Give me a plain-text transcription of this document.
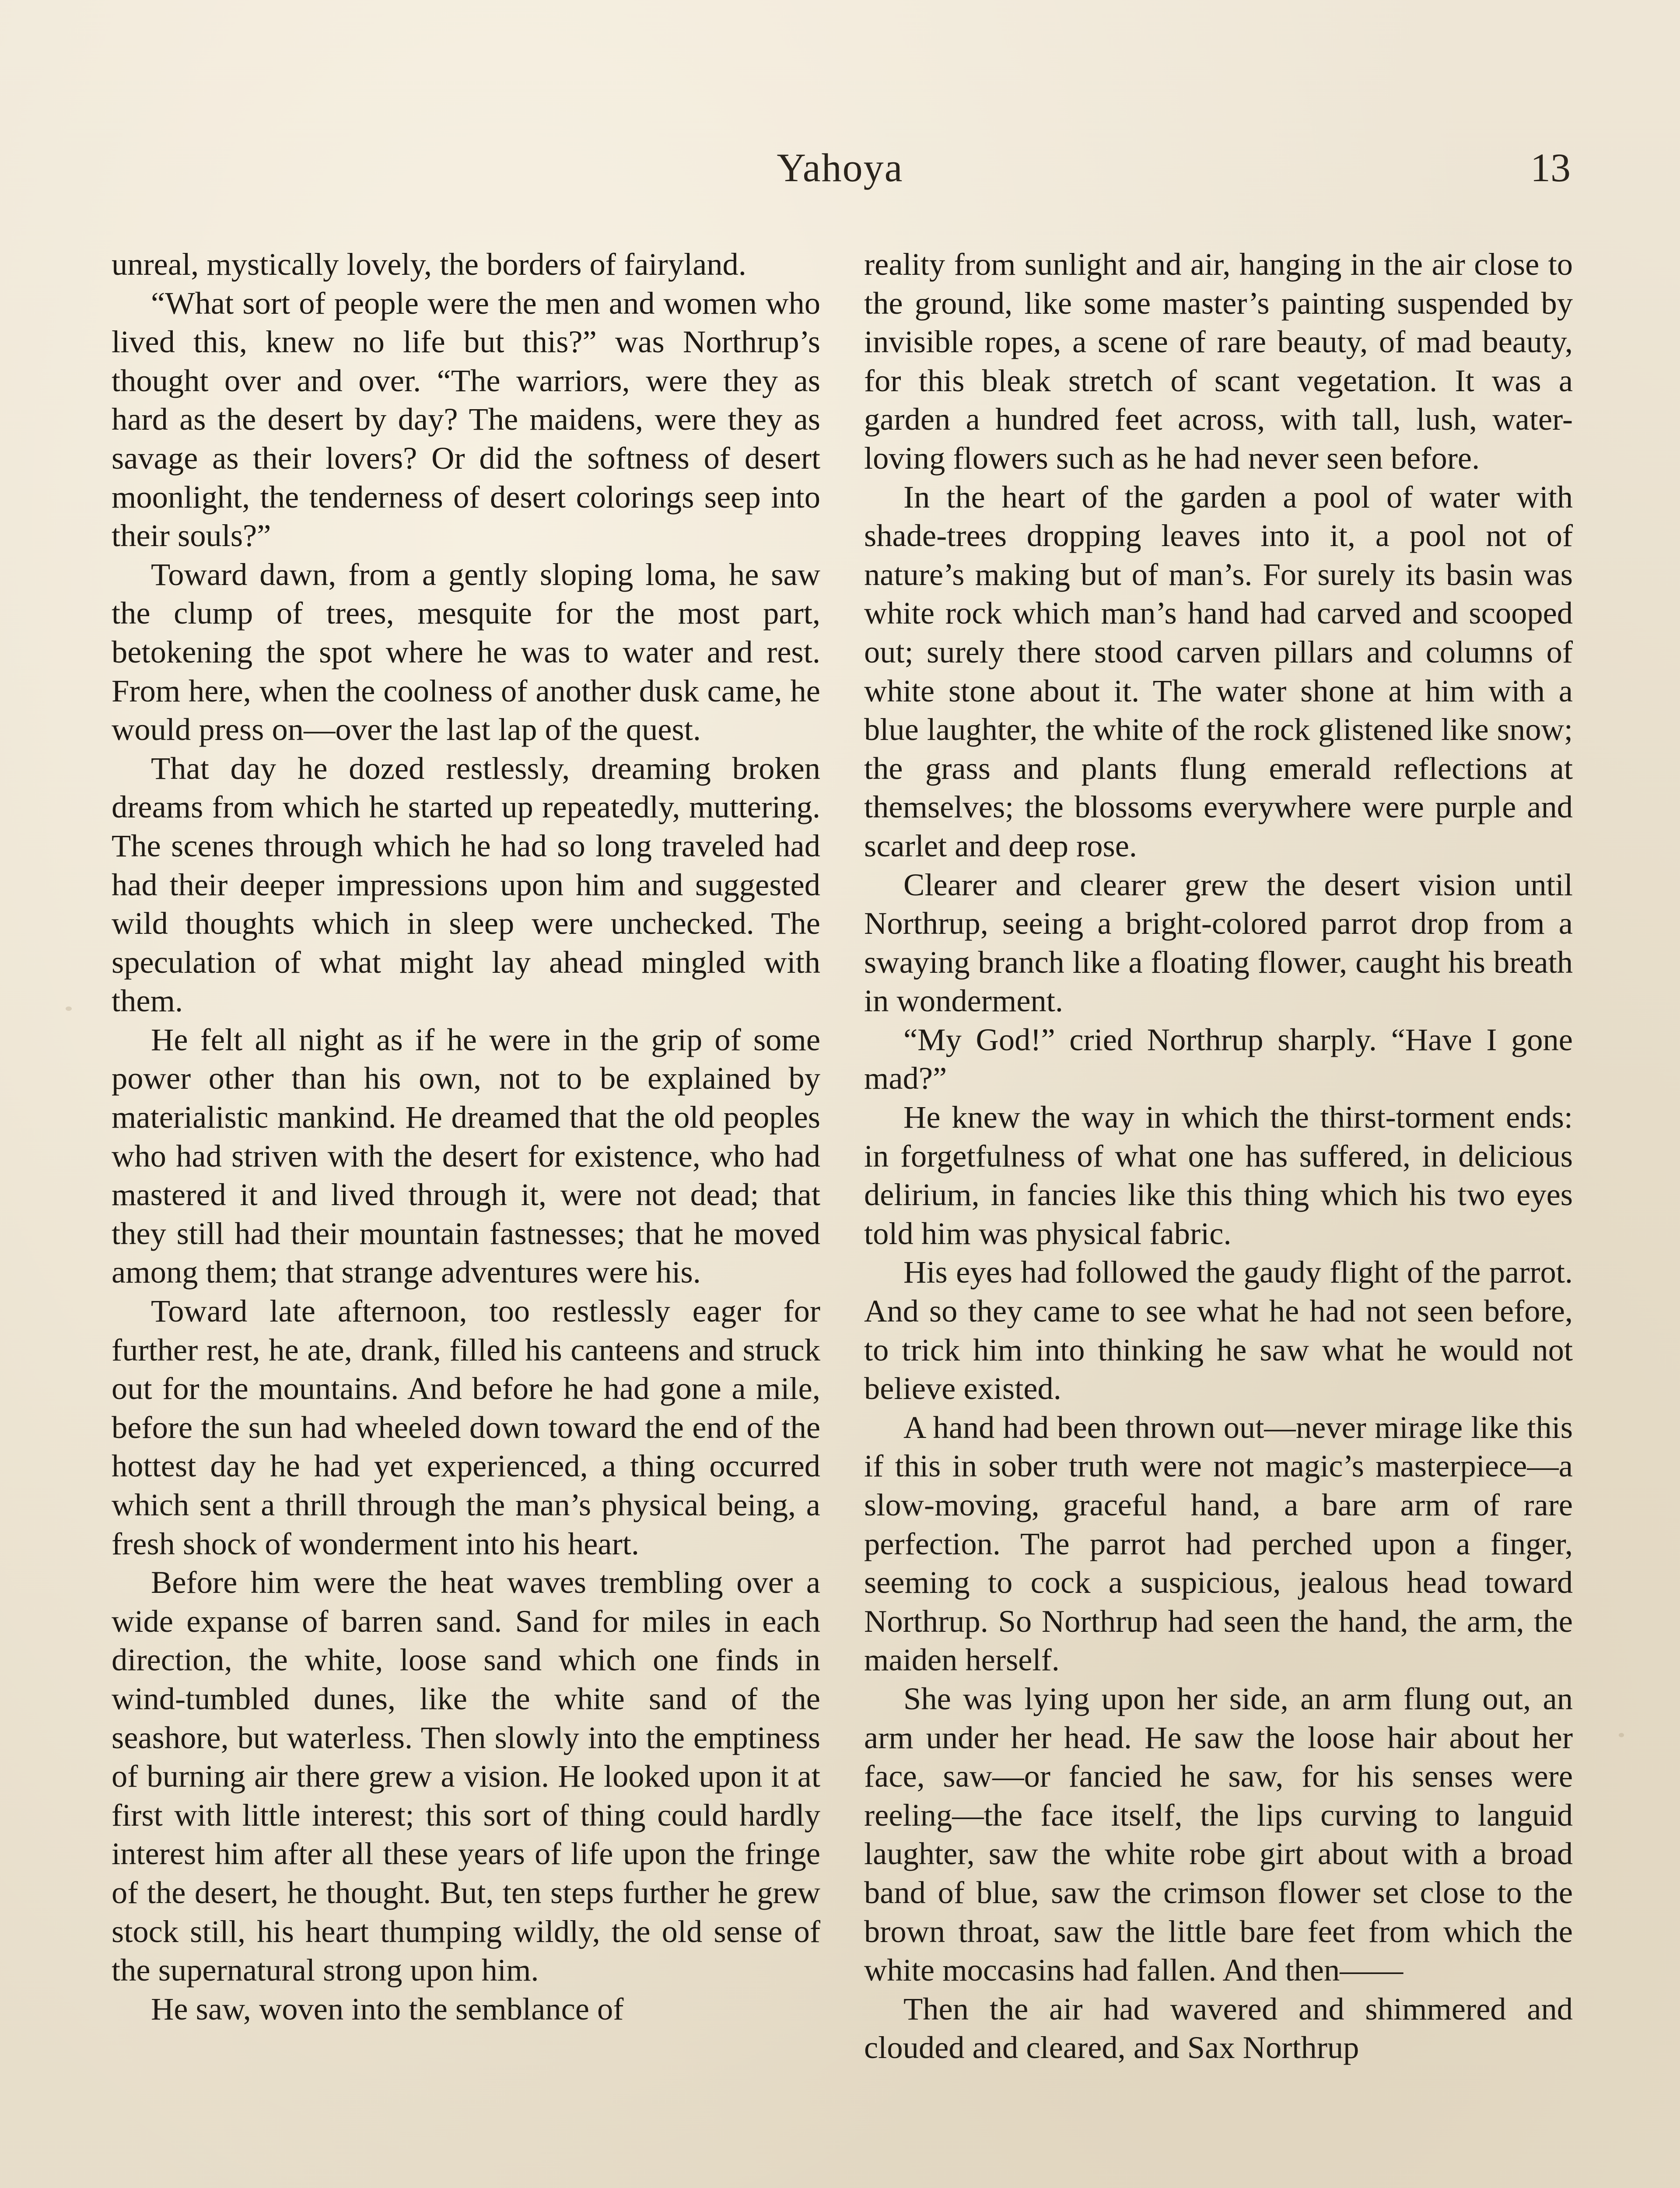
Yahoya	13

unreal, mystically lovely, the borders of fairyland.

“What sort of people were the men and women who lived this, knew no life but this?” was Northrup’s thought over and over. “The warriors, were they as hard as the desert by day? The maidens, were they as savage as their lovers? Or did the softness of desert moonlight, the tenderness of desert colorings seep into their souls?”

Toward dawn, from a gently sloping loma, he saw the clump of trees, mesquite for the most part, betokening the spot where he was to water and rest. From here, when the coolness of another dusk came, he would press on—over the last lap of the quest.

That day he dozed restlessly, dreaming broken dreams from which he started up repeatedly, muttering. The scenes through which he had so long traveled had had their deeper impressions upon him and suggested wild thoughts which in sleep were unchecked. The speculation of what might lay ahead mingled with them.

He felt all night as if he were in the grip of some power other than his own, not to be explained by materialistic mankind. He dreamed that the old peoples who had striven with the desert for existence, who had mastered it and lived through it, were not dead; that they still had their mountain fastnesses; that he moved among them; that strange adventures were his.

Toward late afternoon, too restlessly eager for further rest, he ate, drank, filled his canteens and struck out for the mountains. And before he had gone a mile, before the sun had wheeled down toward the end of the hottest day he had yet experienced, a thing occurred which sent a thrill through the man’s physical being, a fresh shock of wonderment into his heart.

Before him were the heat waves trembling over a wide expanse of barren sand. Sand for miles in each direction, the white, loose sand which one finds in wind-tumbled dunes, like the white sand of the seashore, but waterless. Then slowly into the emptiness of burning air there grew a vision. He looked upon it at first with little interest; this sort of thing could hardly interest him after all these years of life upon the fringe of the desert, he thought. But, ten steps further he grew stock still, his heart thumping wildly, the old sense of the supernatural strong upon him.

He saw, woven into the semblance of

reality from sunlight and air, hanging in the air close to the ground, like some master’s painting suspended by invisible ropes, a scene of rare beauty, of mad beauty, for this bleak stretch of scant vegetation. It was a garden a hundred feet across, with tall, lush, water-loving flowers such as he had never seen before.

In the heart of the garden a pool of water with shade-trees dropping leaves into it, a pool not of nature’s making but of man’s. For surely its basin was white rock which man’s hand had carved and scooped out; surely there stood carven pillars and columns of white stone about it. The water shone at him with a blue laughter, the white of the rock glistened like snow; the grass and plants flung emerald reflections at themselves; the blossoms everywhere were purple and scarlet and deep rose.

Clearer and clearer grew the desert vision until Northrup, seeing a bright-colored parrot drop from a swaying branch like a floating flower, caught his breath in wonderment.

“My God!” cried Northrup sharply. “Have I gone mad?”

He knew the way in which the thirst-torment ends: in forgetfulness of what one has suffered, in delicious delirium, in fancies like this thing which his two eyes told him was physical fabric.

His eyes had followed the gaudy flight of the parrot. And so they came to see what he had not seen before, to trick him into thinking he saw what he would not believe existed.

A hand had been thrown out—never mirage like this if this in sober truth were not magic’s masterpiece—a slow-moving, graceful hand, a bare arm of rare perfection. The parrot had perched upon a finger, seeming to cock a suspicious, jealous head toward Northrup. So Northrup had seen the hand, the arm, the maiden herself.

She was lying upon her side, an arm flung out, an arm under her head. He saw the loose hair about her face, saw—or fancied he saw, for his senses were reeling—the face itself, the lips curving to languid laughter, saw the white robe girt about with a broad band of blue, saw the crimson flower set close to the brown throat, saw the little bare feet from which the white moccasins had fallen. And then——

Then the air had wavered and shimmered and clouded and cleared, and Sax Northrup
